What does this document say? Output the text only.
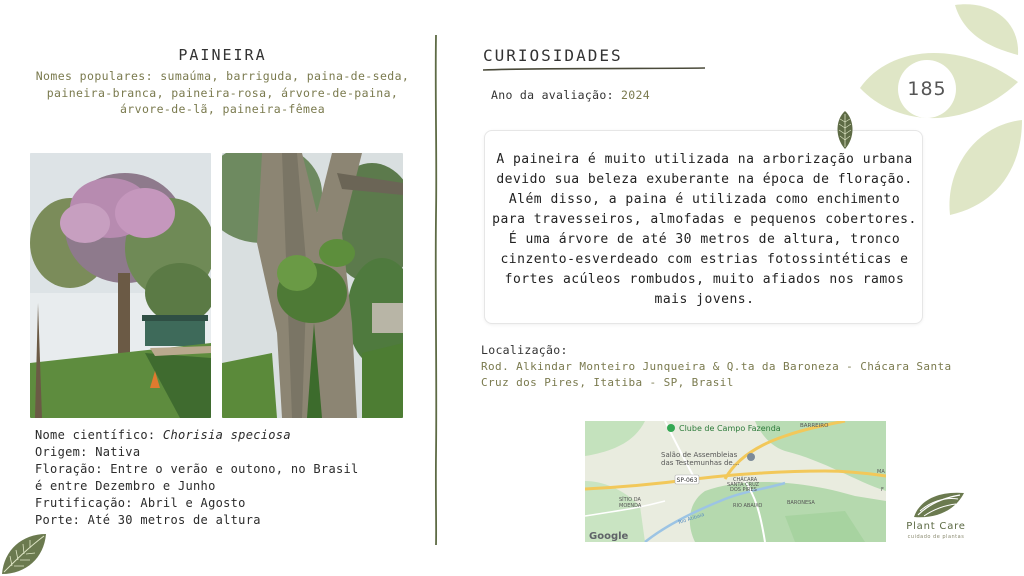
185
PAINEIRA
Nomes populares: sumaúma, barriguda, paina-de-seda, paineira-branca, paineira-rosa, árvore-de-paina, árvore-de-lã, paineira-fêmea
Nome científico: Chorisia speciosa
Origem: Nativa
Floração: Entre o verão e outono, no Brasil é entre Dezembro e Junho
Frutificação: Abril e Agosto
Porte: Até 30 metros de altura
CURIOSIDADES
Ano da avaliação: 2024
A paineira é muito utilizada na arborização urbana devido sua beleza exuberante na época de floração. Além disso, a paina é utilizada como enchimento para travesseiros, almofadas e pequenos cobertores. É uma árvore de até 30 metros de altura, tronco cinzento-esverdeado com estrias fotossintéticas e fortes acúleos rombudos, muito afiados nos ramos mais jovens.
Localização:
Rod. Alkindar Monteiro Junqueira & Q.ta da Baroneza - Chácara Santa Cruz dos Pires, Itatiba - SP, Brasil
SP-063
Clube de Campo Fazenda	BARREIRO
Salão de Assembleias
das Testemunhas de...
CHÁCARA
SANTA CRUZ
DOS PIRES
SÍTIO DA
MOENDA	RIO ABAIXO	BARONESA
Rio Atibaia
MA
F
Google
Plant Care
cuidado de plantas
